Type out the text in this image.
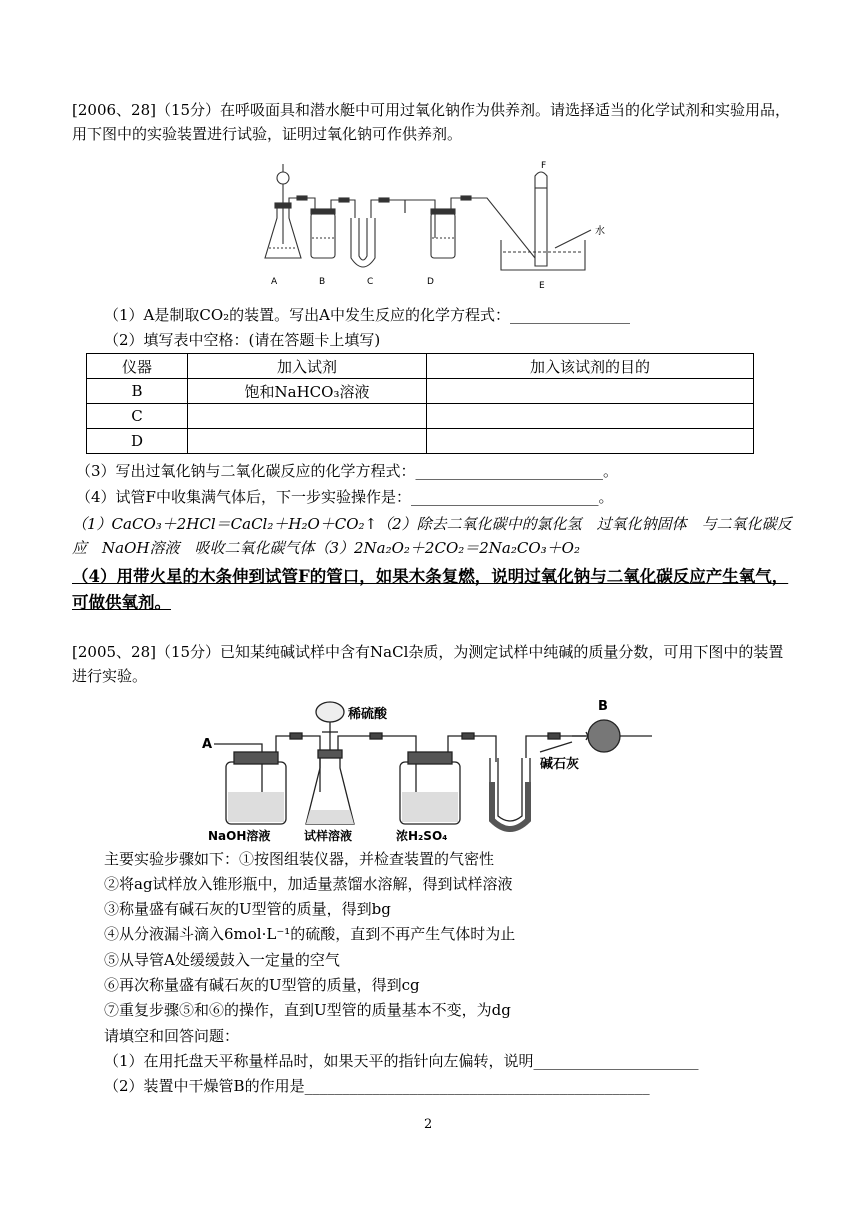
[2006、28]（15分）在呼吸面具和潜水艇中可用过氧化钠作为供养剂。请选择适当的化学试剂和实验用品，用下图中的实验装置进行试验，证明过氧化钠可作供养剂。
A	B	C	D	E
F
水
（1）A是制取CO₂的装置。写出A中发生反应的化学方程式：________________
（2）填写表中空格：(请在答题卡上填写)
仪器	加入试剂	加入该试剂的目的
B	饱和NaHCO₃溶液	
C		
D		
（3）写出过氧化钠与二氧化碳反应的化学方程式：_________________________。
（4）试管F中收集满气体后，下一步实验操作是：_________________________。
（1）CaCO₃＋2HCl＝CaCl₂＋H₂O＋CO₂↑（2）除去二氧化碳中的氯化氢　过氧化钠固体　与二氧化碳反应　NaOH溶液　吸收二氧化碳气体（3）2Na₂O₂＋2CO₂＝2Na₂CO₃＋O₂
（4）用带火星的木条伸到试管F的管口，如果木条复燃，说明过氧化钠与二氧化碳反应产生氧气，可做供氧剂。
[2005、28]（15分）已知某纯碱试样中含有NaCl杂质，为测定试样中纯碱的质量分数，可用下图中的装置进行实验。
A
稀硫酸
B
碱石灰
NaOH溶液	试样溶液	浓H₂SO₄
主要实验步骤如下：①按图组装仪器，并检查装置的气密性
②将ag试样放入锥形瓶中，加适量蒸馏水溶解，得到试样溶液
③称量盛有碱石灰的U型管的质量，得到bg
④从分液漏斗滴入6mol·L⁻¹的硫酸，直到不再产生气体时为止
⑤从导管A处缓缓鼓入一定量的空气
⑥再次称量盛有碱石灰的U型管的质量，得到cg
⑦重复步骤⑤和⑥的操作，直到U型管的质量基本不变，为dg
请填空和回答问题：
（1）在用托盘天平称量样品时，如果天平的指针向左偏转，说明______________________
（2）装置中干燥管B的作用是______________________________________________
2
